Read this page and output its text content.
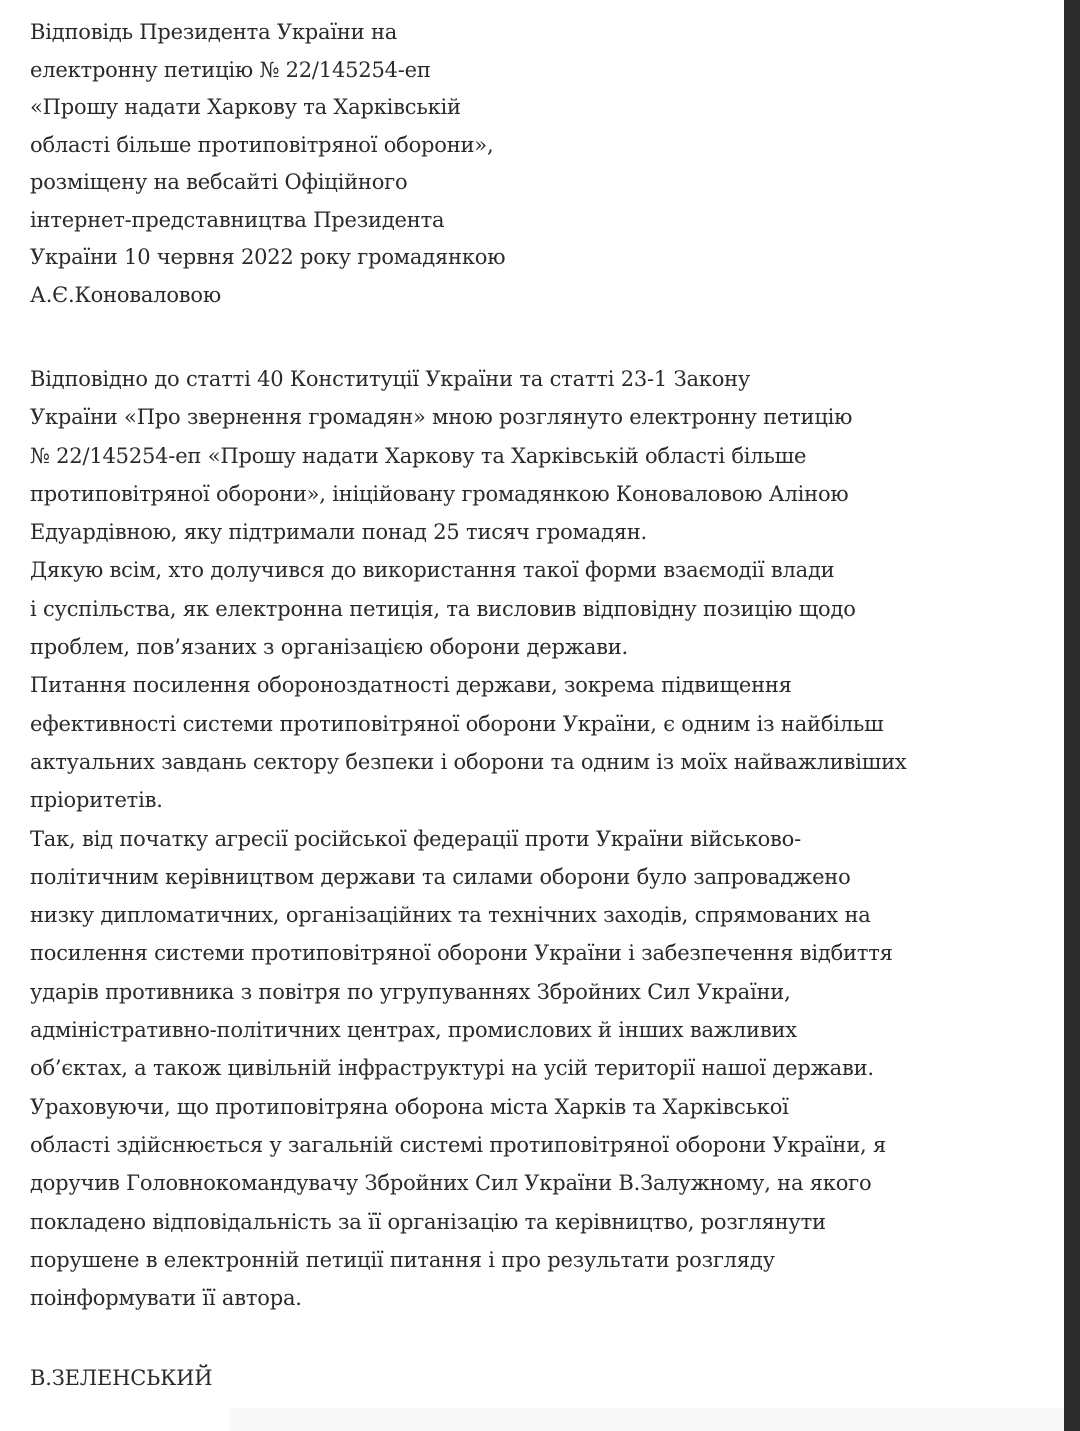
Відповідь Президента України на
електронну петицію № 22/145254-еп
«Прошу надати Харкову та Харківській
області більше протиповітряної оборони»,
розміщену на вебсайті Офіційного
інтернет-представництва Президента
України 10 червня 2022 року громадянкою
А.Є.Коноваловою
Відповідно до статті 40 Конституції України та статті 23-1 Закону
України «Про звернення громадян» мною розглянуто електронну петицію
№ 22/145254-еп «Прошу надати Харкову та Харківській області більше
протиповітряної оборони», ініційовану громадянкою Коноваловою Аліною
Едуардівною, яку підтримали понад 25 тисяч громадян.
Дякую всім, хто долучився до використання такої форми взаємодії влади
і суспільства, як електронна петиція, та висловив відповідну позицію щодо
проблем, пов’язаних з організацією оборони держави.
Питання посилення обороноздатності держави, зокрема підвищення
ефективності системи протиповітряної оборони України, є одним із найбільш
актуальних завдань сектору безпеки і оборони та одним із моїх найважливіших
пріоритетів.
Так, від початку агресії російської федерації проти України військово-
політичним керівництвом держави та силами оборони було запроваджено
низку дипломатичних, організаційних та технічних заходів, спрямованих на
посилення системи протиповітряної оборони України і забезпечення відбиття
ударів противника з повітря по угрупуваннях Збройних Сил України,
адміністративно-політичних центрах, промислових й інших важливих
об’єктах, а також цивільній інфраструктурі на усій території нашої держави.
Ураховуючи, що протиповітряна оборона міста Харків та Харківської
області здійснюється у загальній системі протиповітряної оборони України, я
доручив Головнокомандувачу Збройних Сил України В.Залужному, на якого
покладено відповідальність за її організацію та керівництво, розглянути
порушене в електронній петиції питання і про результати розгляду
поінформувати її автора.
В.ЗЕЛЕНСЬКИЙ
